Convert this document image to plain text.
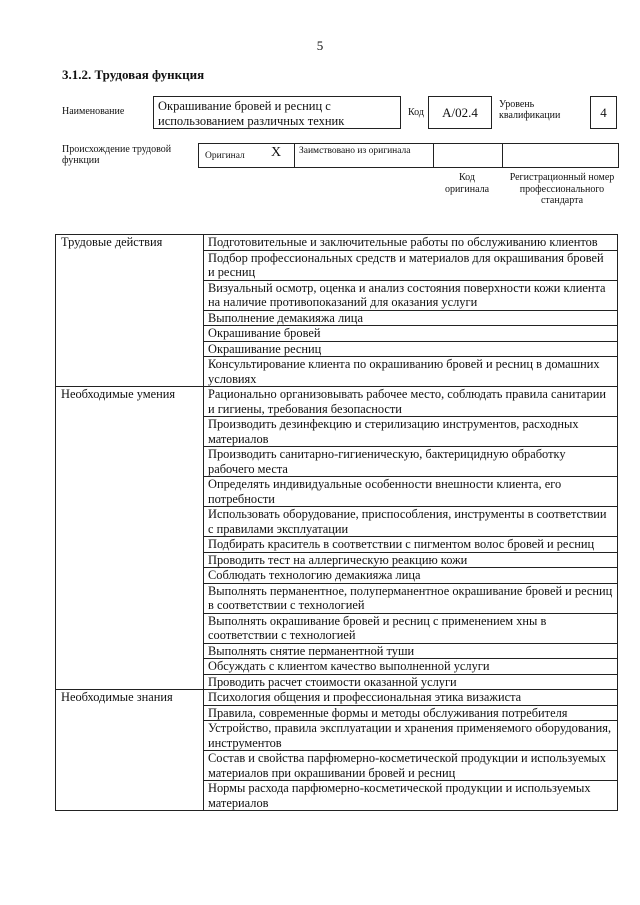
5
3.1.2. Трудовая функция
Наименование	Окрашивание бровей и ресниц с использованием различных техник
Код	А/02.4
Уровень квалификации	4
Происхождение трудовой функции	Оригинал X	Заимствовано из оригинала
Код оригинала
Регистрационный номер профессионального стандарта
Трудовые действия	Подготовительные и заключительные работы по обслуживанию клиентов
	Подбор профессиональных средств и материалов для окрашивания бровей и ресниц
	Визуальный осмотр, оценка и анализ состояния поверхности кожи клиента на наличие противопоказаний для оказания услуги
	Выполнение демакияжа лица
	Окрашивание бровей
	Окрашивание ресниц
	Консультирование клиента по окрашиванию бровей и ресниц в домашних условиях
Необходимые умения	Рационально организовывать рабочее место, соблюдать правила санитарии и гигиены, требования безопасности
	Производить дезинфекцию и стерилизацию инструментов, расходных материалов
	Производить санитарно-гигиеническую, бактерицидную обработку рабочего места
	Определять индивидуальные особенности внешности клиента, его потребности
	Использовать оборудование, приспособления, инструменты в соответствии с правилами эксплуатации
	Подбирать краситель в соответствии с пигментом волос бровей и ресниц
	Проводить тест на аллергическую реакцию кожи
	Соблюдать технологию демакияжа лица
	Выполнять перманентное, полуперманентное окрашивание бровей и ресниц в соответствии с технологией
	Выполнять окрашивание бровей и ресниц с применением хны в соответствии с технологией
	Выполнять снятие перманентной туши
	Обсуждать с клиентом качество выполненной услуги
	Проводить расчет стоимости оказанной услуги
Необходимые знания	Психология общения и профессиональная этика визажиста
	Правила, современные формы и методы обслуживания потребителя
	Устройство, правила эксплуатации и хранения применяемого оборудования, инструментов
	Состав и свойства парфюмерно-косметической продукции и используемых материалов при окрашивании бровей и ресниц
	Нормы расхода парфюмерно-косметической продукции и используемых материалов
